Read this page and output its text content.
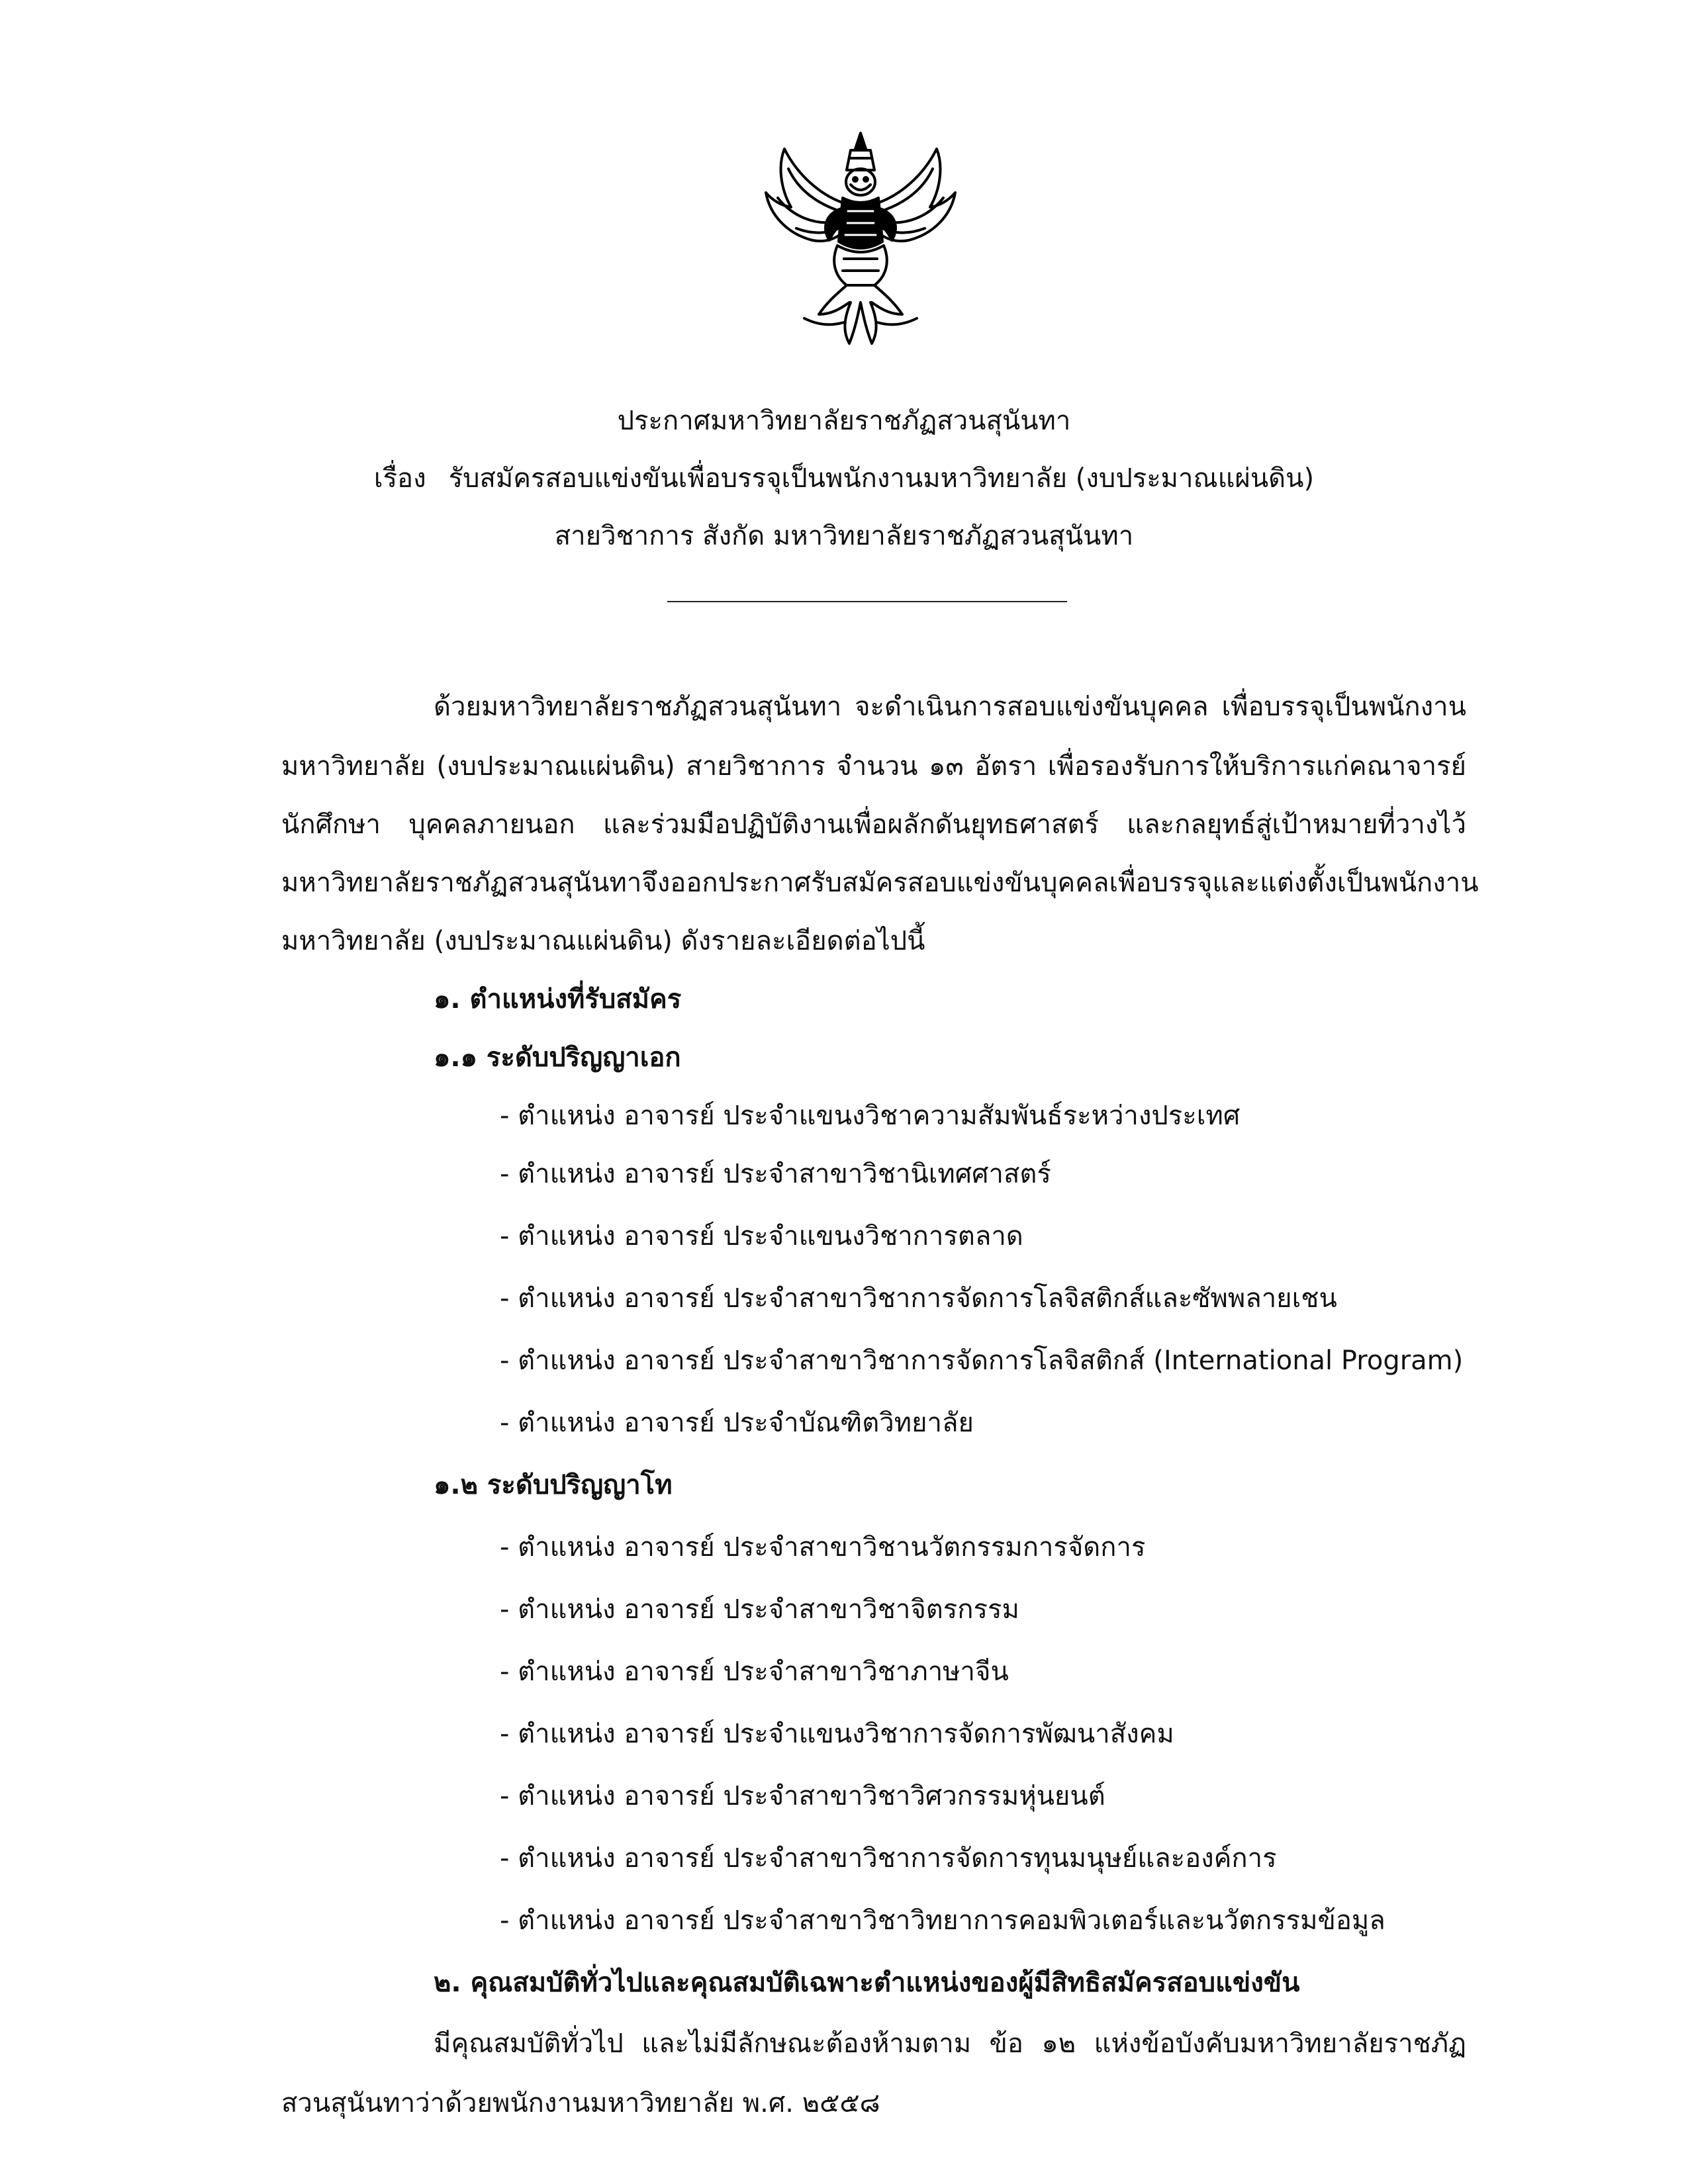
ประกาศมหาวิทยาลัยราชภัฏสวนสุนันทา
เรื่อง รับสมัครสอบแข่งขันเพื่อบรรจุเป็นพนักงานมหาวิทยาลัย (งบประมาณแผ่นดิน)
สายวิชาการ สังกัด มหาวิทยาลัยราชภัฏสวนสุนันทา
ด้วยมหาวิทยาลัยราชภัฏสวนสุนันทา จะดำเนินการสอบแข่งขันบุคคล เพื่อบรรจุเป็นพนักงาน
มหาวิทยาลัย (งบประมาณแผ่นดิน) สายวิชาการ จำนวน ๑๓ อัตรา เพื่อรองรับการให้บริการแก่คณาจารย์
นักศึกษา บุคคลภายนอก และร่วมมือปฏิบัติงานเพื่อผลักดันยุทธศาสตร์ และกลยุทธ์สู่เป้าหมายที่วางไว้
มหาวิทยาลัยราชภัฏสวนสุนันทาจึงออกประกาศรับสมัครสอบแข่งขันบุคคลเพื่อบรรจุและแต่งตั้ง เป็นพนักงาน
มหาวิทยาลัย (งบประมาณแผ่นดิน) ดังรายละเอียดต่อไปนี้
๑. ตำแหน่งที่รับสมัคร
๑.๑ ระดับปริญญาเอก
- ตำแหน่ง อาจารย์ ประจำแขนงวิชาความสัมพันธ์ระหว่างประเทศ
- ตำแหน่ง อาจารย์ ประจำสาขาวิชานิเทศศาสตร์
- ตำแหน่ง อาจารย์ ประจำแขนงวิชาการตลาด
- ตำแหน่ง อาจารย์ ประจำสาขาวิชาการจัดการโลจิสติกส์และซัพพลายเชน
- ตำแหน่ง อาจารย์ ประจำสาขาวิชาการจัดการโลจิสติกส์ (International Program)
- ตำแหน่ง อาจารย์ ประจำบัณฑิตวิทยาลัย
๑.๒ ระดับปริญญาโท
- ตำแหน่ง อาจารย์ ประจำสาขาวิชานวัตกรรมการจัดการ
- ตำแหน่ง อาจารย์ ประจำสาขาวิชาจิตรกรรม
- ตำแหน่ง อาจารย์ ประจำสาขาวิชาภาษาจีน
- ตำแหน่ง อาจารย์ ประจำแขนงวิชาการจัดการพัฒนาสังคม
- ตำแหน่ง อาจารย์ ประจำสาขาวิชาวิศวกรรมหุ่นยนต์
- ตำแหน่ง อาจารย์ ประจำสาขาวิชาการจัดการทุนมนุษย์และองค์การ
- ตำแหน่ง อาจารย์ ประจำสาขาวิชาวิทยาการคอมพิวเตอร์และนวัตกรรมข้อมูล
๒. คุณสมบัติทั่วไปและคุณสมบัติเฉพาะตำแหน่งของผู้มีสิทธิสมัครสอบแข่งขัน
มีคุณสมบัติทั่วไป และไม่มีลักษณะต้องห้ามตาม ข้อ ๑๒ แห่งข้อบังคับมหาวิทยาลัยราชภัฏ
สวนสุนันทาว่าด้วยพนักงานมหาวิทยาลัย พ.ศ. ๒๕๕๘
